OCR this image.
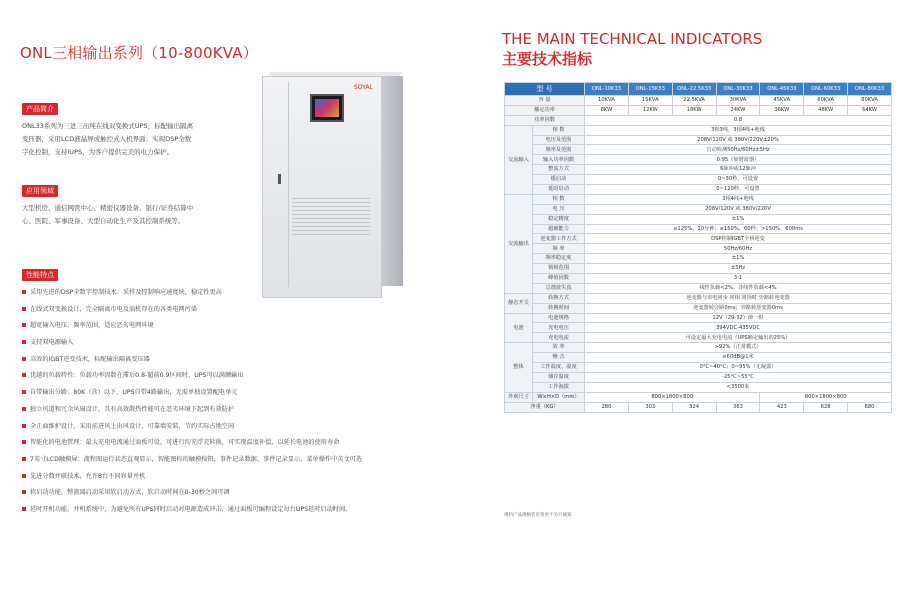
ONL三相输出系列（10-800KVA）
产品简介

ONL33系列为三进三出纯在线双变换式UPS，标配输出隔离
变压器，采用LCD液晶屏或触控式人机界面；实现DSP全数
字化控制，支持iUPS，为客户提供完美的电力保护。

应用领域

大型机房、通信网管中心、精密仪器设备、银行/证券结算中
心、医院、军事设备、大型自动化生产及其控制系统等。

性能特点
采用先进的DSP全数字控制技术：采样及控制响应速度快，稳定性更高
在线式双变换设计，完全隔离市电及油机存在的各类电网污染
超宽输入电压、频率范围，适应恶劣电网环境
支持双电源输入
高效的IGBT逆变技术，标配输出隔离变压器
优越的负载特性：负载功率因数在滞后0.8-超前0.9区间时，UPS可以满额输出
自带输出分路：80K（含）以下，UPS自带4路输出，无需单独设置配电单元
独立风道和冗余风扇设计，具有高效散热性能可在恶劣环境下起到有效防护
全正面维护设计，采用前进风上出风设计，可靠墙安装，节约实际占地空间
智能化的电池管理：最大充电电流通过面板可设，可进行均充浮充转换，可实现温度补偿，以延长电池的使用寿命
7英寸LCD触摸屏：流程图运行状态直观显示，智能图标的触摸按钮，事件记录数据、事件记录显示，菜单操作中英文可选
先进分数并联技术，允许8台不同容量并机
软启动功能，整流器启动采用软启动方式，软启动时间在0-30秒之间可调
延时开机功能，并机系统中，为避免所有UPS同时启动对电源造成冲击，通过面板可编程设定每台UPS延时启动时间。
SOYAL
THE MAIN TECHNICAL INDICATORS
主要技术指标
型 号		ONL-10K33	ONL-15K33	ONL-22.5K33	ONL-30K33	ONL-45K33	ONL-60K33	ONL-80K33
容 量		10KVA	15KVA	22.5KVA	30KVA	45KVA	60KVA	80KVA
额定功率		8KW	12KW	18KW	24KW	36KW	48KW	64KW
功率因数		0.8						
交流输入	相 数	3相3线，3相4线+地线						
	电压及范围	208V/120V 或 380V/220V±20%						
	频率及范围	自动检测50Hz/60Hz±5Hz						
	输入功率因数	0.95（加谐波器）						
	整流方式	6脉冲或12脉冲						
	缓启动	0~30秒，可设置						
	延时启动	0~120秒，可设置						
交流输出	相 数	3相4线+地线						
	电 压	208V/120V 或 380V/220V						
	稳定精度	±1%						
	超载能力	≤125%，10分钟；≤150%，60秒；>150%，600ms						
	逆变器工作方式	DSP控制IGBT全桥逆变						
	频 率	50Hz/60Hz						
	频率稳定度	±1%						
	锁相范围	±5Hz						
	峰值因数	3:1						
	总谐波失真	线性负载<2%；非线性负载<4%						
静态开关	转换方式	逆变器与市电同步 同相 同顶时 旁路转逆变器						
	转换时间	逆变器转旁路0ms；旁路转逆变器0ms						
电池	电池规格	12V（29-32）節一组						
	充电电压	394VDC-435VDC						
	充电电流	可设定最大充电电流（UPS额定输出的25%）						
整体	效 率	>92%（正常模式）						
	噪 音	≤60dB@1米						
	工作温度、湿度	0°C~40°C；0~95%（无凝露）						
	储存温度	-25°C~55°C						
	工作海拔	<3500米						
外观尺寸	W×H×D（mm）	800×1800×800				800×1800×800		
净重（KG）		280	303	324	363	423	628	680
规约产品规格若有变更不另行通知
